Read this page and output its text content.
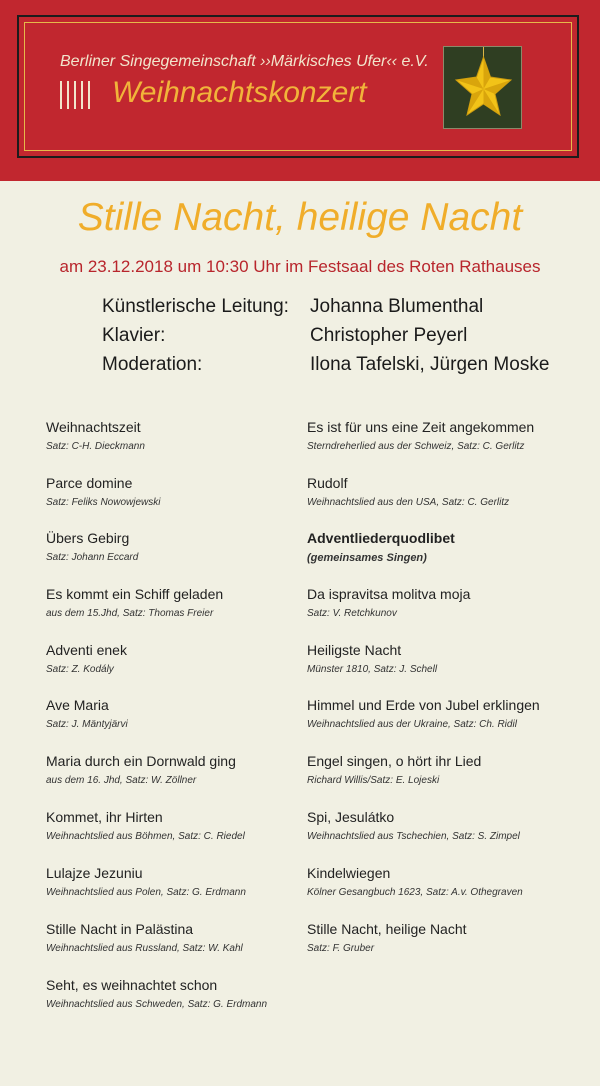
Berliner Singegemeinschaft ››Märkisches Ufer‹‹ e.V.

Weihnachtskonzert

Stille Nacht, heilige Nacht

am 23.12.2018 um 10:30 Uhr im Festsaal des Roten Rathauses

Künstlerische Leitung: Johanna Blumenthal

Klavier:	Christopher Peyerl

Moderation:	Ilona Tafelski, Jürgen Moske

Weihnachtszeit
Satz: C-H. Dieckmann
Parce domine
Satz: Feliks Nowowjewski
Übers Gebirg
Satz: Johann Eccard
Es kommt ein Schiff geladen
aus dem 15.Jhd, Satz: Thomas Freier
Adventi enek
Satz: Z. Kodály
Ave Maria
Satz: J. Mäntyjärvi
Maria durch ein Dornwald ging
aus dem 16. Jhd, Satz: W. Zöllner
Kommet, ihr Hirten
Weihnachtslied aus Böhmen, Satz: C. Riedel
Lulajze Jezuniu
Weihnachtslied aus Polen, Satz: G. Erdmann
Stille Nacht in Palästina
Weihnachtslied aus Russland, Satz: W. Kahl
Seht, es weihnachtet schon
Weihnachtslied aus Schweden, Satz: G. Erdmann
Es ist für uns eine Zeit angekommen
Sterndreherlied aus der Schweiz, Satz: C. Gerlitz
Rudolf
Weihnachtslied aus den USA, Satz: C. Gerlitz
Adventliederquodlibet
(gemeinsames Singen)
Da ispravitsa molitva moja
Satz: V. Retchkunov
Heiligste Nacht
Münster 1810, Satz: J. Schell
Himmel und Erde von Jubel erklingen
Weihnachtslied aus der Ukraine, Satz: Ch. Ridil
Engel singen, o hört ihr Lied
Richard Willis/Satz: E. Lojeski
Spi, Jesulátko
Weihnachtslied aus Tschechien, Satz: S. Zimpel
Kindelwiegen
Kölner Gesangbuch 1623, Satz: A.v. Othegraven
Stille Nacht, heilige Nacht
Satz: F. Gruber
